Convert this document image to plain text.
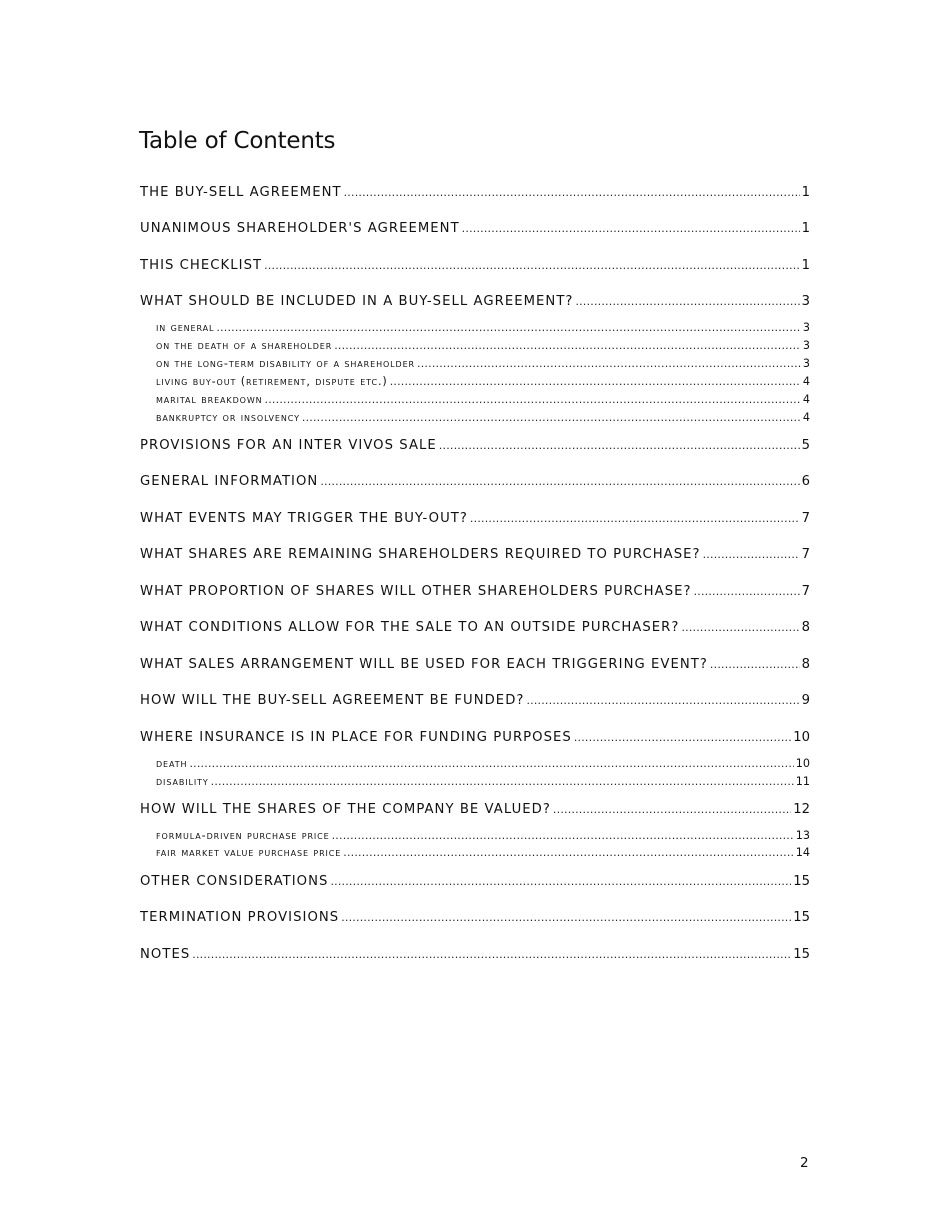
Table of Contents
THE BUY-SELL AGREEMENT .....	1
UNANIMOUS SHAREHOLDER'S AGREEMENT .....	1
THIS CHECKLIST .....	1
WHAT SHOULD BE INCLUDED IN A BUY-SELL AGREEMENT? .....	3
in general .....	3
on the death of a shareholder .....	3
on the long-term disability of a shareholder .....	3
living buy-out (retirement, dispute etc.) .....	4
marital breakdown .....	4
bankruptcy or insolvency .....	4
PROVISIONS FOR AN INTER VIVOS SALE .....	5
GENERAL INFORMATION .....	6
WHAT EVENTS MAY TRIGGER THE BUY-OUT? .....	7
WHAT SHARES ARE REMAINING SHAREHOLDERS REQUIRED TO PURCHASE? .....	7
WHAT PROPORTION OF SHARES WILL OTHER SHAREHOLDERS PURCHASE? .....	7
WHAT CONDITIONS ALLOW FOR THE SALE TO AN OUTSIDE PURCHASER? .....	8
WHAT SALES ARRANGEMENT WILL BE USED FOR EACH TRIGGERING EVENT? .....	8
HOW WILL THE BUY-SELL AGREEMENT BE FUNDED? .....	9
WHERE INSURANCE IS IN PLACE FOR FUNDING PURPOSES .....	10
death .....	10
disability .....	11
HOW WILL THE SHARES OF THE COMPANY BE VALUED? .....	12
formula-driven purchase price .....	13
fair market value purchase price .....	14
OTHER CONSIDERATIONS .....	15
TERMINATION PROVISIONS .....	15
NOTES .....	15
2
